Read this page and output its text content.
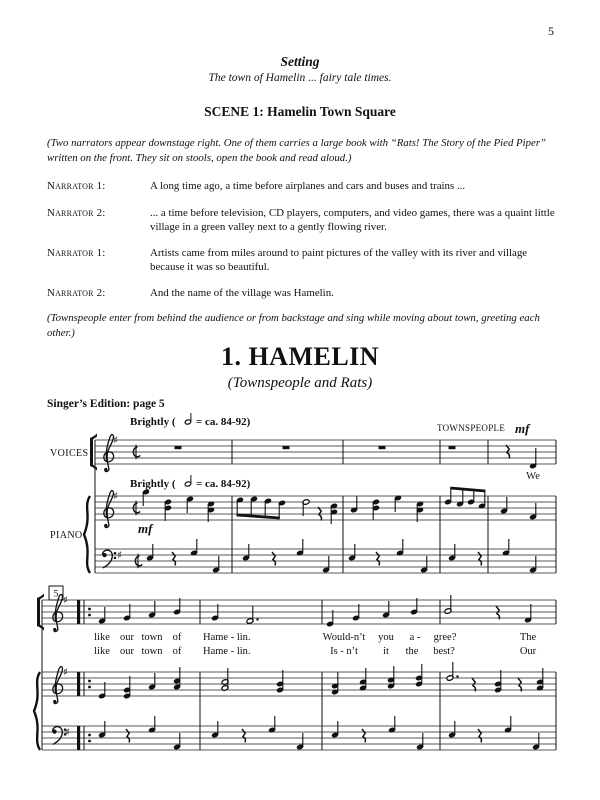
5
Setting
The town of Hamelin ... fairy tale times.
SCENE 1: Hamelin Town Square
(Two narrators appear downstage right. One of them carries a large book with “Rats! The Story of the Pied Piper” written on the front. They sit on stools, open the book and read aloud.)
Narrator 1:	A long time ago, a time before airplanes and cars and buses and trains ...
Narrator 2:	... a time before television, CD players, computers, and video games, there was a quaint little village in a green valley next to a gently flowing river.
Narrator 1:	Artists came from miles around to paint pictures of the valley with its river and village because it was so beautiful.
Narrator 2:	And the name of the village was Hamelin.
(Townspeople enter from behind the audience or from backstage and sing while moving about town, greeting each other.)
1. HAMELIN
(Townspeople and Rats)
Singer’s Edition: page 5
Brightly ( = ca. 84-92)	TOWNSPEOPLE mf
VOICES
♯
We
Brightly ( = ca. 84-92)
PIANO	mf
♯
♯
5 ♯
like our town of Hame - lin.	Would-n’t you a - gree?	The
like our town of Hame - lin.	Is - n’t it the best?	Our
♯
♯
